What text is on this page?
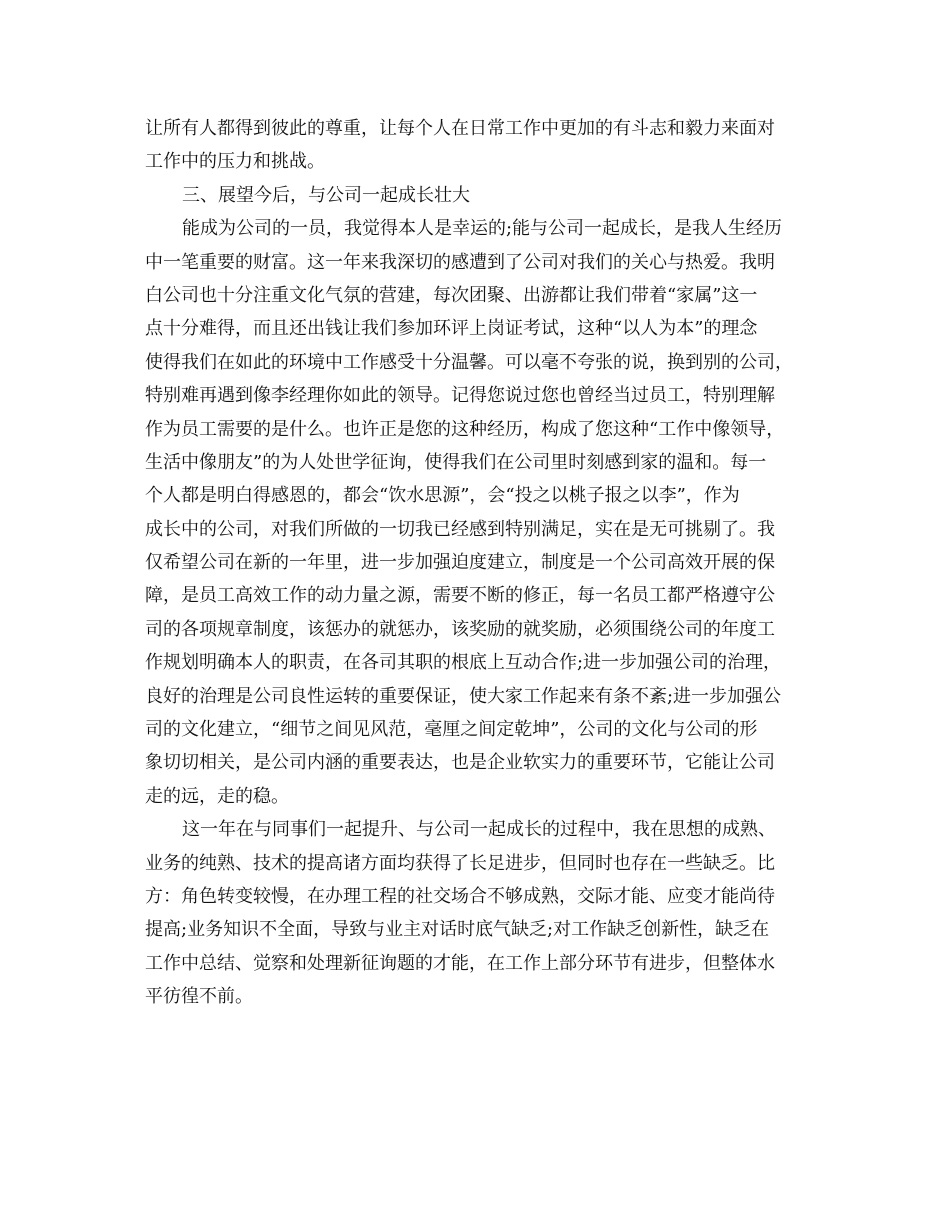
让所有人都得到彼此的尊重，让每个人在日常工作中更加的有斗志和毅力来面对
工作中的压力和挑战。
三、展望今后，与公司一起成长壮大
能成为公司的一员，我觉得本人是幸运的;能与公司一起成长，是我人生经历
中一笔重要的财富。这一年来我深切的感遭到了公司对我们的关心与热爱。我明
白公司也十分注重文化气氛的营建，每次团聚、出游都让我们带着“家属”这一
点十分难得，而且还出钱让我们参加环评上岗证考试，这种“以人为本”的理念
使得我们在如此的环境中工作感受十分温馨。可以毫不夸张的说，换到别的公司，
特别难再遇到像李经理你如此的领导。记得您说过您也曾经当过员工，特别理解
作为员工需要的是什么。也许正是您的这种经历，构成了您这种“工作中像领导，
生活中像朋友”的为人处世学征询，使得我们在公司里时刻感到家的温和。每一
个人都是明白得感恩的，都会“饮水思源”，会“投之以桃子报之以李”，作为
成长中的公司，对我们所做的一切我已经感到特别满足，实在是无可挑剔了。我
仅希望公司在新的一年里，进一步加强迫度建立，制度是一个公司高效开展的保
障，是员工高效工作的动力量之源，需要不断的修正，每一名员工都严格遵守公
司的各项规章制度，该惩办的就惩办，该奖励的就奖励，必须围绕公司的年度工
作规划明确本人的职责，在各司其职的根底上互动合作;进一步加强公司的治理，
良好的治理是公司良性运转的重要保证，使大家工作起来有条不紊;进一步加强公
司的文化建立，“细节之间见风范，毫厘之间定乾坤”，公司的文化与公司的形
象切切相关，是公司内涵的重要表达，也是企业软实力的重要环节，它能让公司
走的远，走的稳。
这一年在与同事们一起提升、与公司一起成长的过程中，我在思想的成熟、
业务的纯熟、技术的提高诸方面均获得了长足进步，但同时也存在一些缺乏。比
方：角色转变较慢，在办理工程的社交场合不够成熟，交际才能、应变才能尚待
提高;业务知识不全面，导致与业主对话时底气缺乏;对工作缺乏创新性，缺乏在
工作中总结、觉察和处理新征询题的才能，在工作上部分环节有进步，但整体水
平彷徨不前。
